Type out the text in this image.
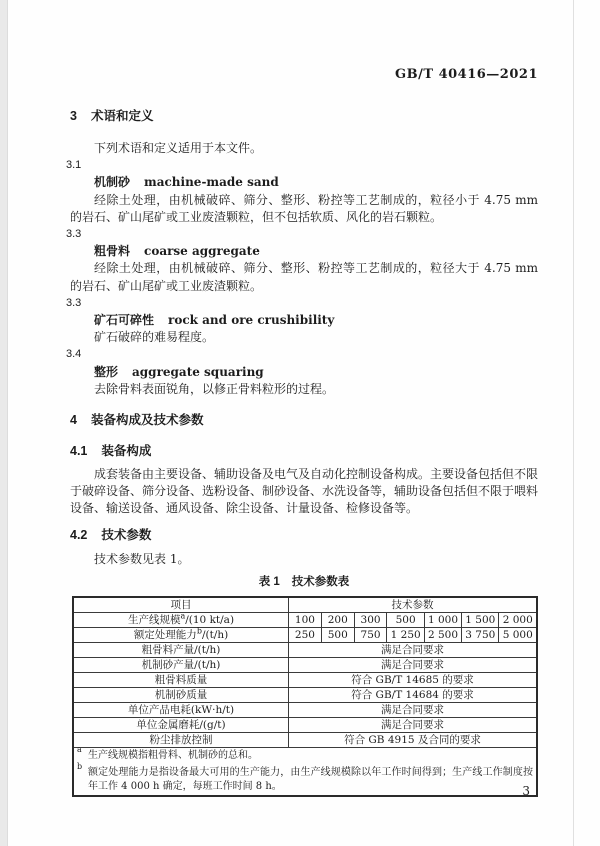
GB/T 40416—2021

3 术语和定义

下列术语和定义适用于本文件。

3.1

机制砂 machine-made sand

经除土处理，由机械破碎、筛分、整形、粉控等工艺制成的，粒径小于 4.75 mm 的岩石、矿山尾矿或工业废渣颗粒，但不包括软质、风化的岩石颗粒。

3.3

粗骨料 coarse aggregate

经除土处理，由机械破碎、筛分、整形、粉控等工艺制成的，粒径大于 4.75 mm 的岩石、矿山尾矿或工业废渣颗粒。

3.3

矿石可碎性 rock and ore crushibility

矿石破碎的难易程度。

3.4

整形 aggregate squaring

去除骨料表面锐角，以修正骨料粒形的过程。

4 装备构成及技术参数

4.1 装备构成

成套装备由主要设备、辅助设备及电气及自动化控制设备构成。主要设备包括但不限于破碎设备、筛分设备、选粉设备、制砂设备、水洗设备等，辅助设备包括但不限于喂料设备、输送设备、通风设备、除尘设备、计量设备、检修设备等。

4.2 技术参数

技术参数见表 1。

表 1 技术参数表

项目	技术参数						
生产线规模$^a$/(10 kt/a)	100	200	300	500	1 000	1 500	2 000
额定处理能力$^b$/(t/h)	250	500	750	1 250	2 500	3 750	5 000
粗骨料产量/(t/h)	满足合同要求						
机制砂产量/(t/h)	满足合同要求						
粗骨料质量	符合 GB/T 14685 的要求						
机制砂质量	符合 GB/T 14684 的要求						
单位产品电耗(kW·h/t)	满足合同要求						
单位金属磨耗/(g/t)	满足合同要求						
粉尘排放控制	符合 GB 4915 及合同的要求						

a
生产线规模指粗骨料、机制砂的总和。
b
额定处理能力是指设备最大可用的生产能力，由生产线规模除以年工作时间得到；生产线工作制度按年工作 4 000 h 确定，每班工作时间 8 h。								3
